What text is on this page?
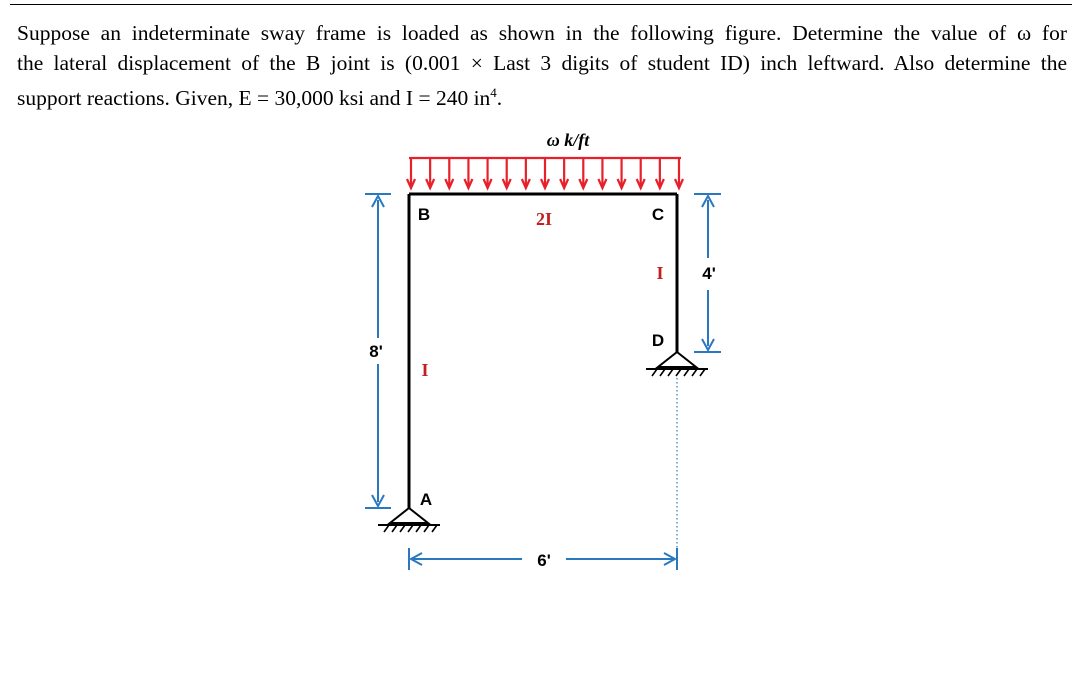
Suppose an indeterminate sway frame is loaded as shown in the following figure. Determine the value of ω for
the lateral displacement of the B joint is (0.001 × Last 3 digits of student ID) inch leftward. Also determine the
support reactions. Given, E = 30,000 ksi and I = 240 $in^4$.

ω k/ft
B	C
D
A
2I
I
I
8'
4'
6'
